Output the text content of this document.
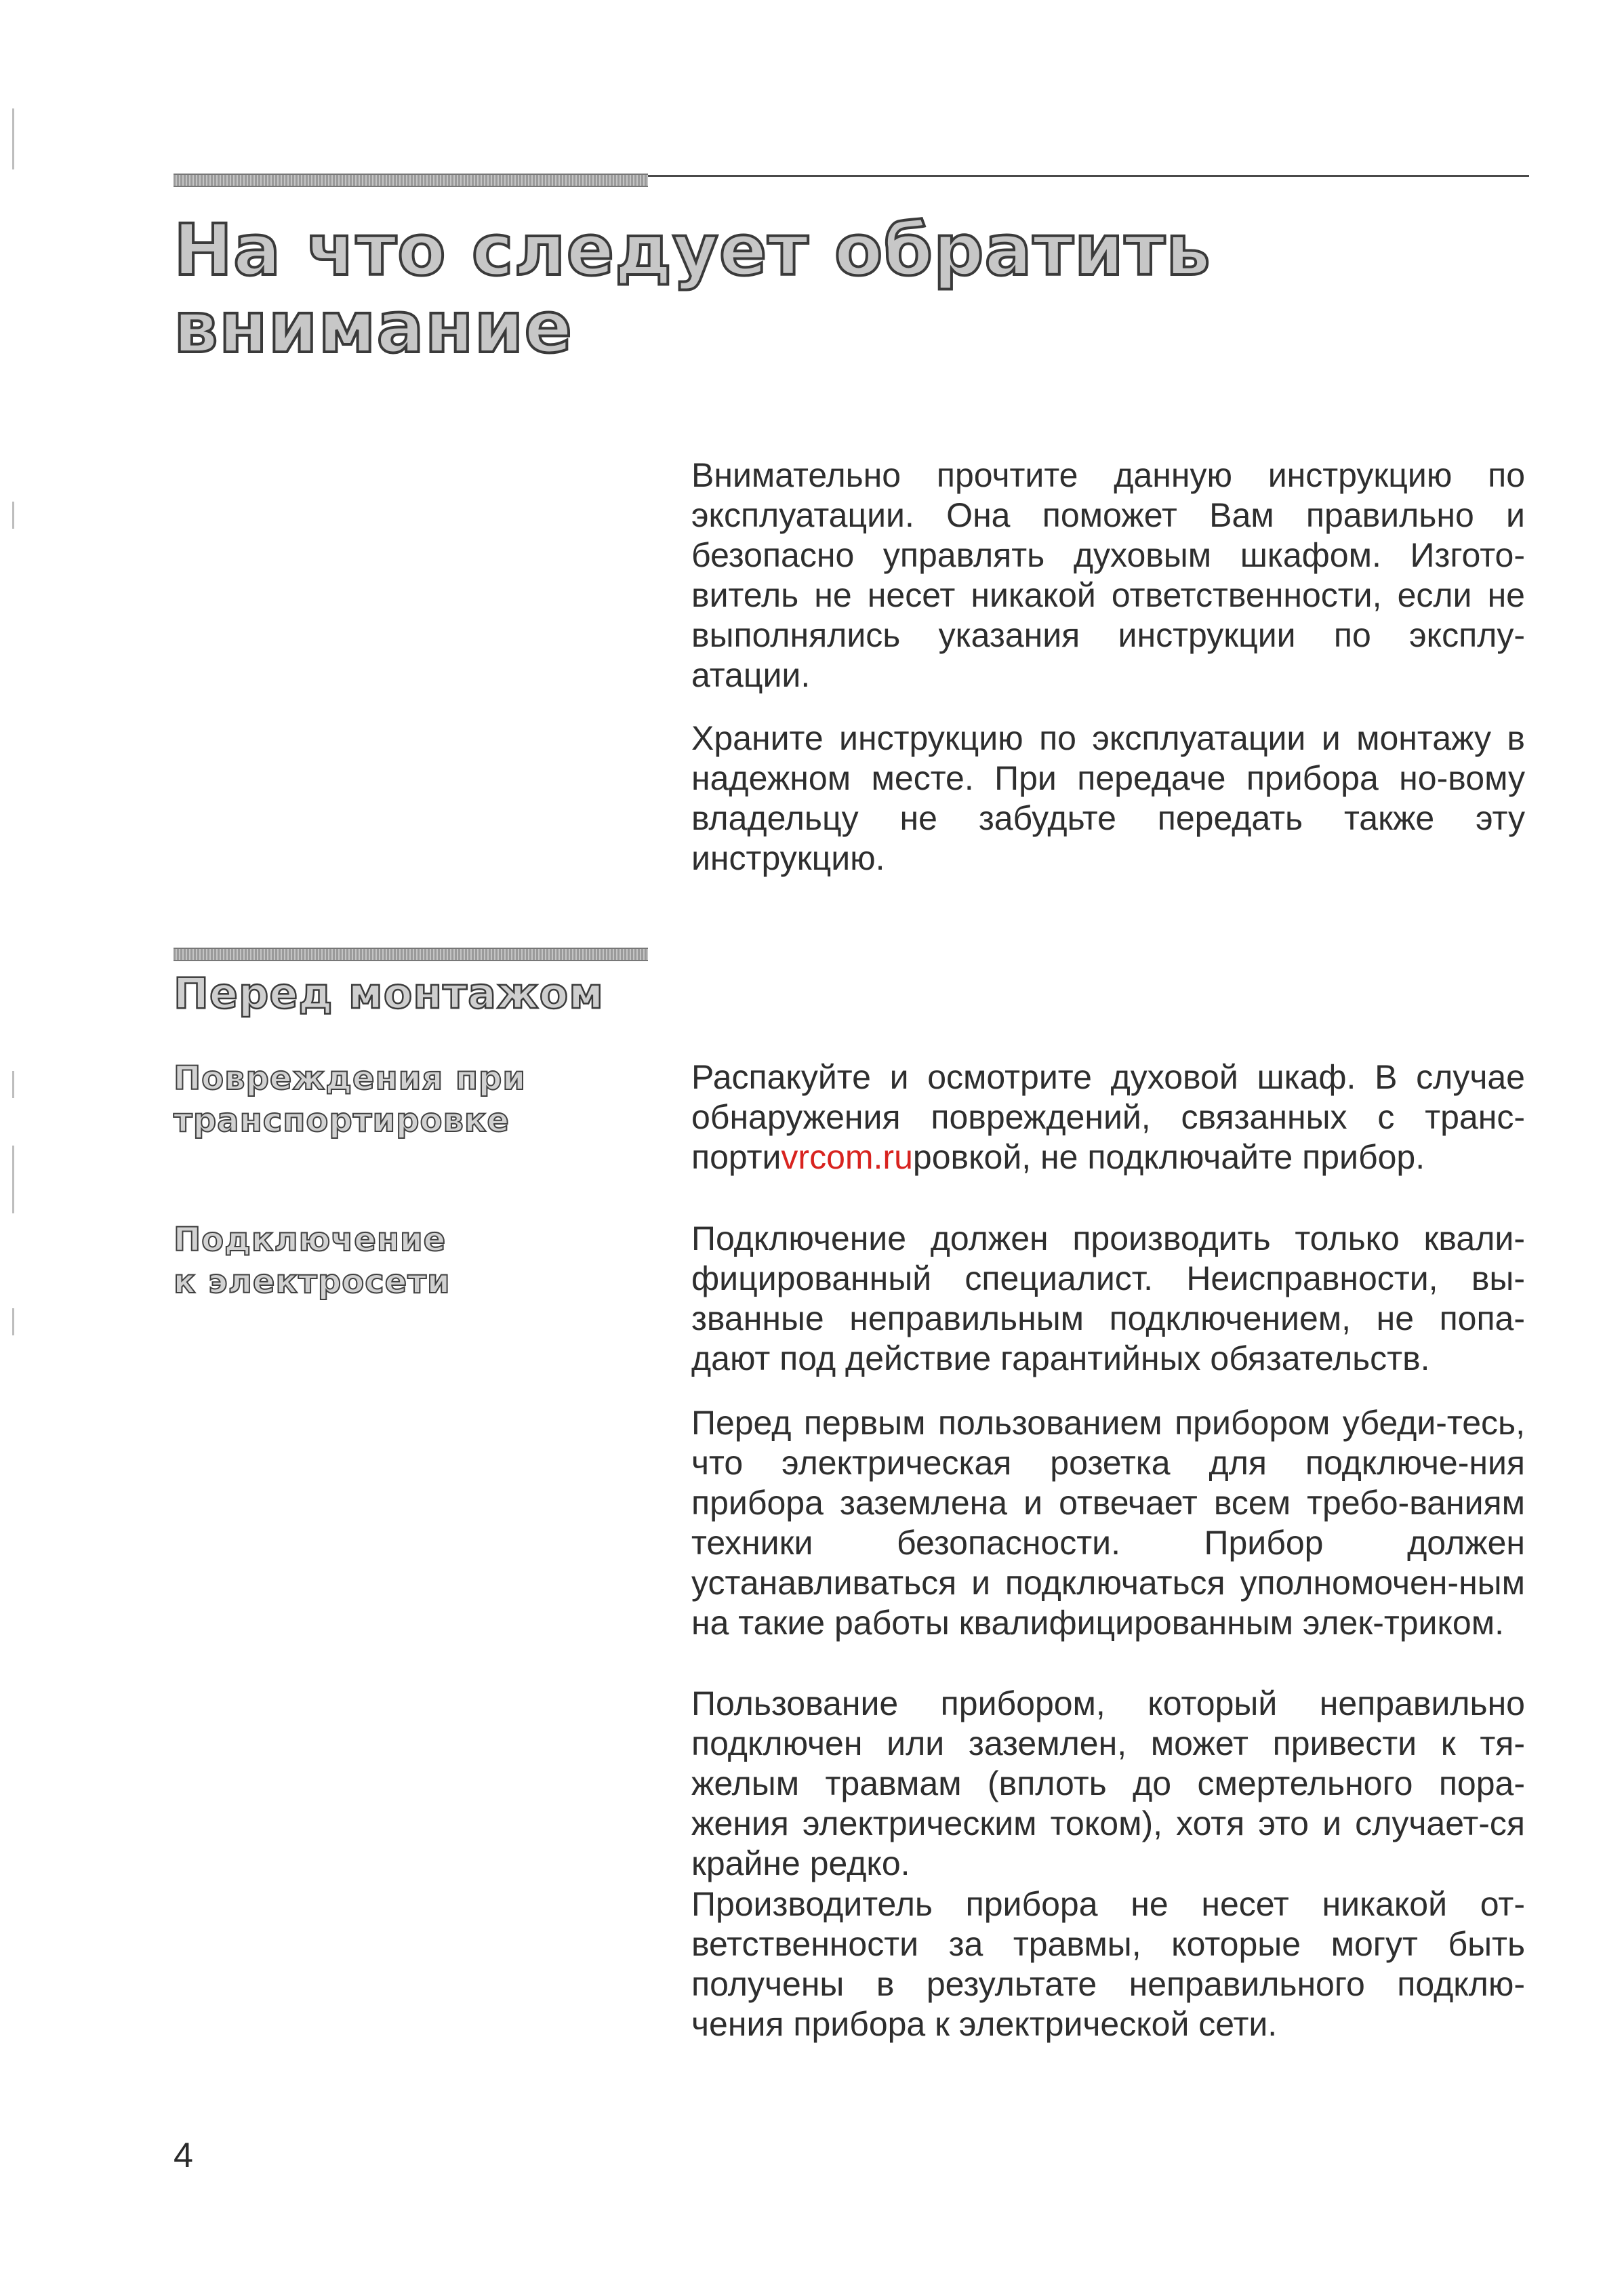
На что следует обратить
внимание

Внимательно прочтите данную инструкцию по эксплуатации. Она поможет Вам правильно и безопасно управлять духовым шкафом. Изгото-витель не несет никакой ответственности, если не выполнялись указания инструкции по эксплу-атации.

Храните инструкцию по эксплуатации и монтажу в надежном месте. При передаче прибора но-вому владельцу не забудьте передать также эту инструкцию.

Перед монтажом
Повреждения при
транспортировке

Распакуйте и осмотрите духовой шкаф. В случае обнаружения повреждений, связанных с транс-портиvrcom.ruровкой, не подключайте прибор.

Подключение
к электросети

Подключение должен производить только квали-фицированный специалист. Неисправности, вы-званные неправильным подключением, не попа-дают под действие гарантийных обязательств.

Перед первым пользованием прибором убеди-тесь, что электрическая розетка для подключе-ния прибора заземлена и отвечает всем требо-ваниям техники безопасности. Прибор должен устанавливаться и подключаться уполномочен-ным на такие работы квалифицированным элек-триком.

Пользование прибором, который неправильно подключен или заземлен, может привести к тя-желым травмам (вплоть до смертельного пора-жения электрическим током), хотя это и случает-ся крайне редко.

Производитель прибора не несет никакой от-ветственности за травмы, которые могут быть получены в результате неправильного подклю-чения прибора к электрической сети.

4
